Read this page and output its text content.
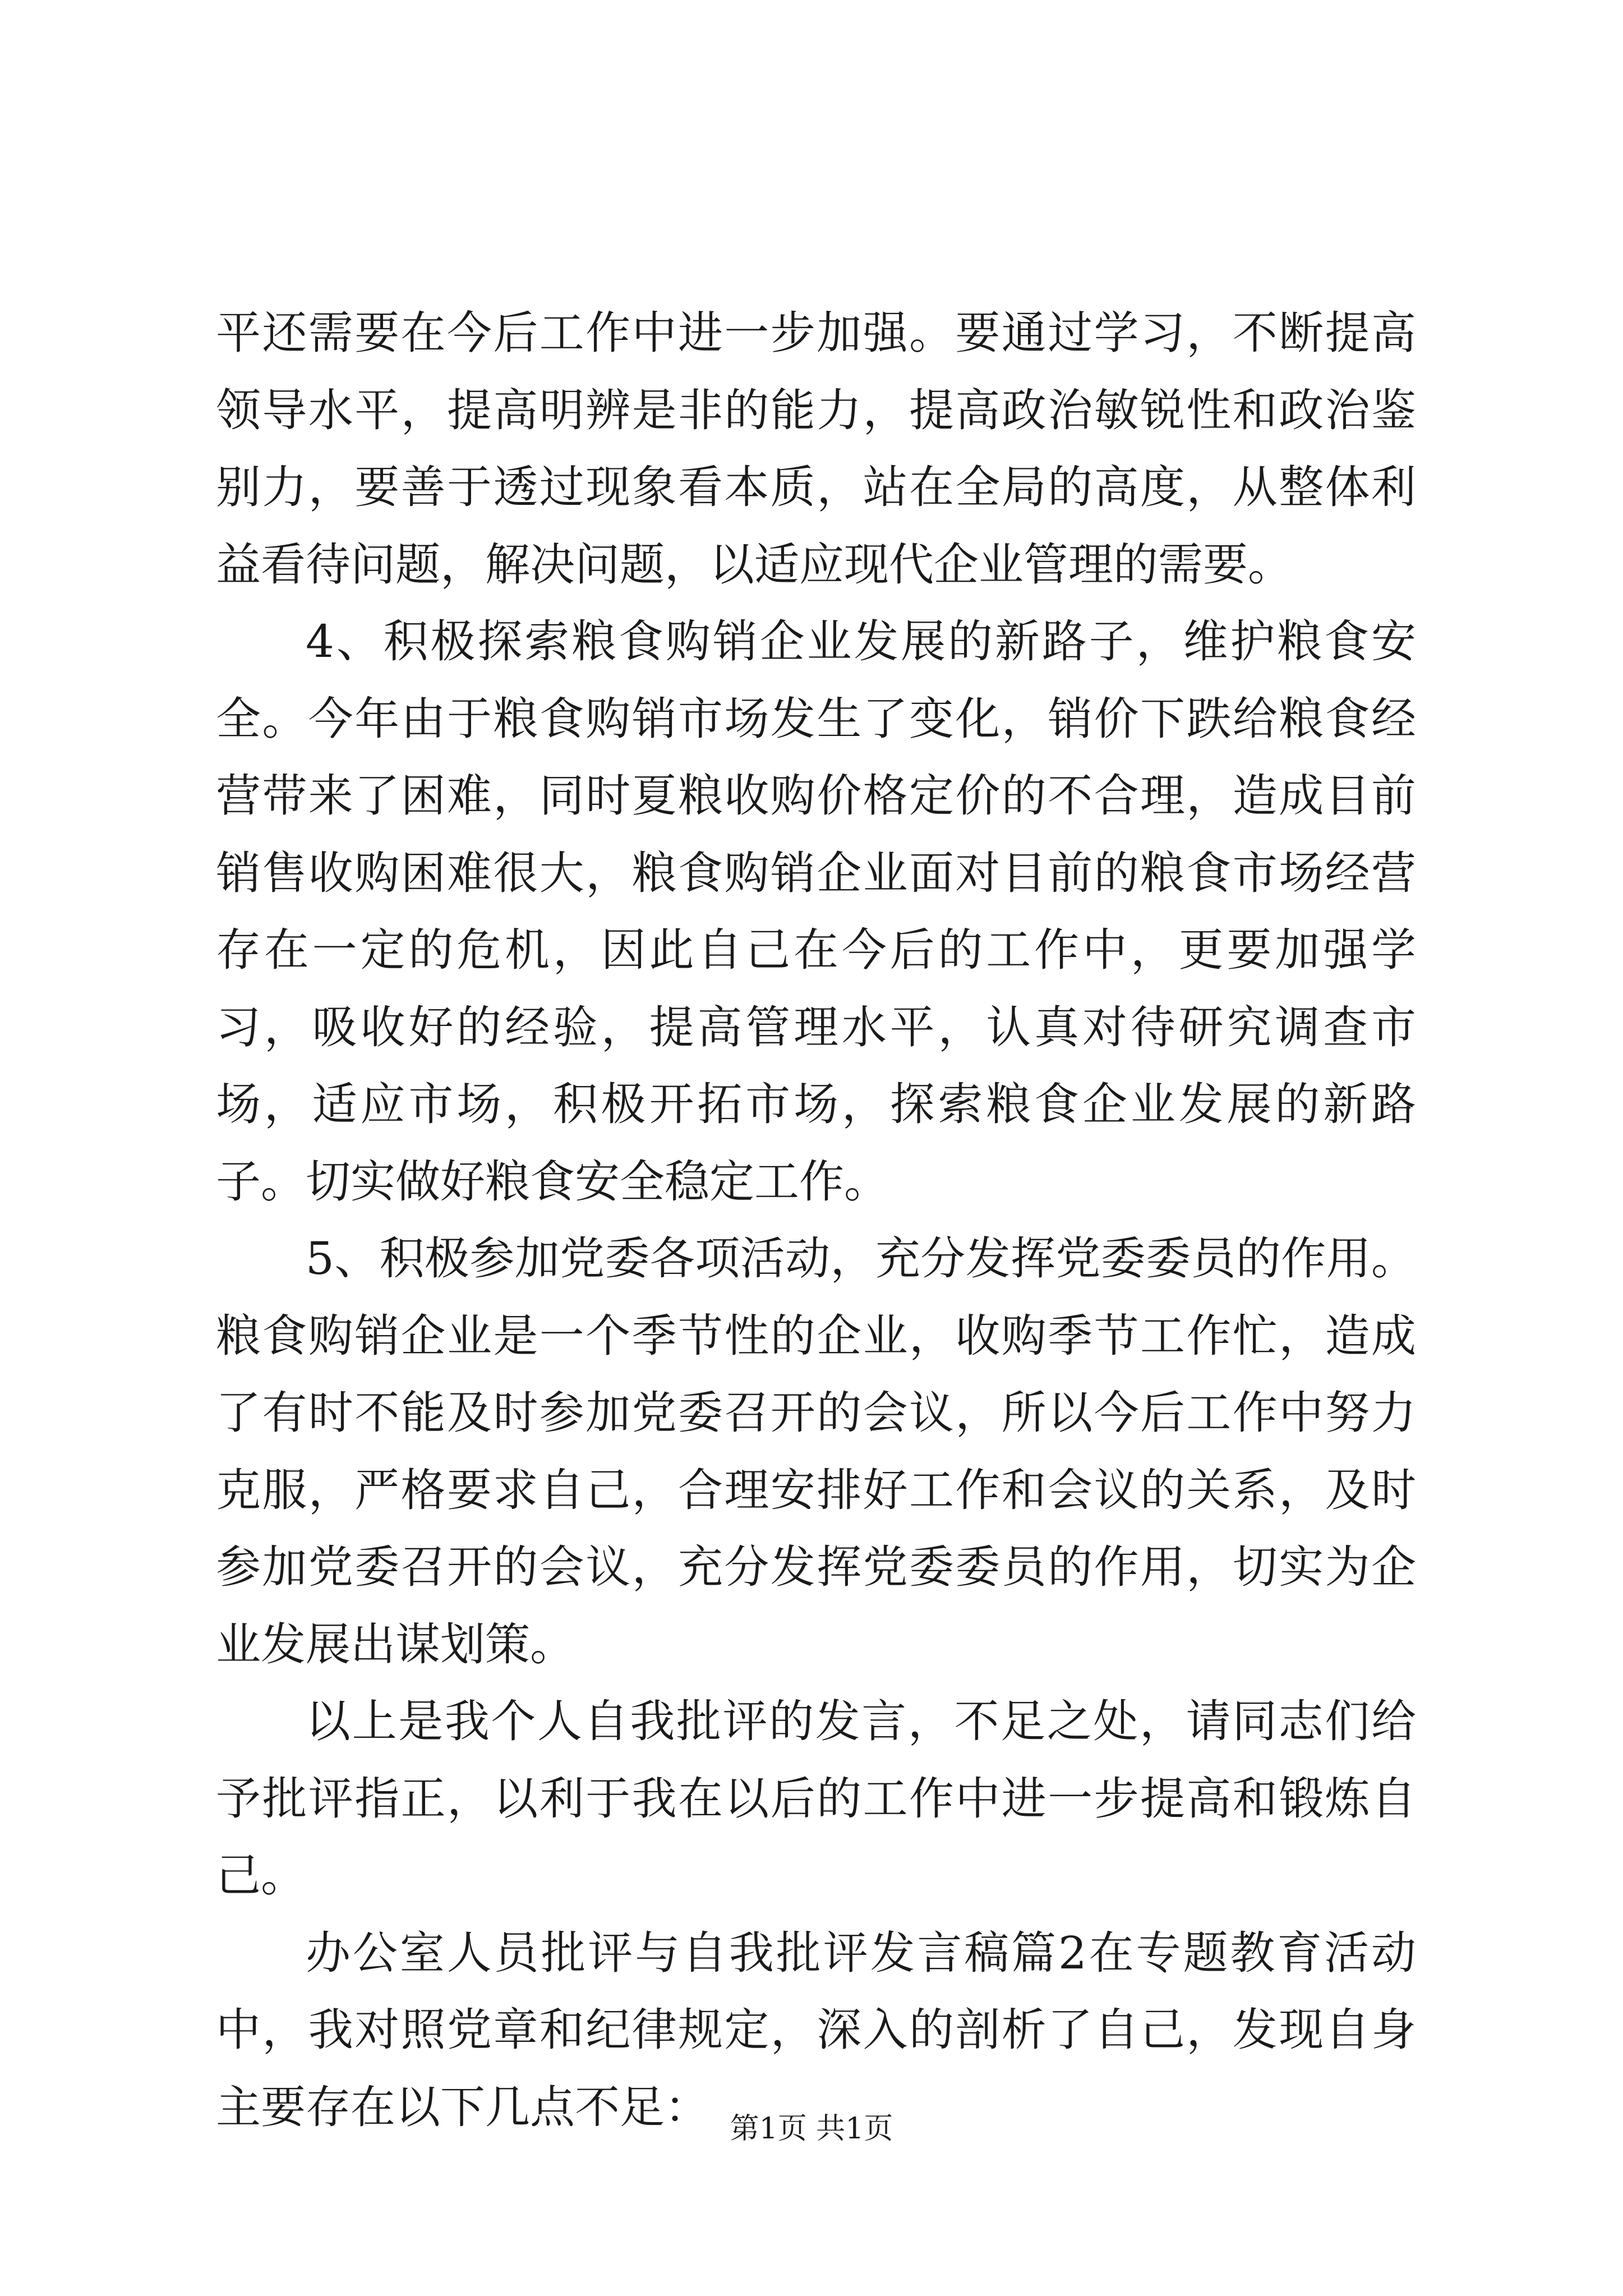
平还需要在今后工作中进一步加强。要通过学习，不断提高领导水平，提高明辨是非的能力，提高政治敏锐性和政治鉴别力，要善于透过现象看本质，站在全局的高度，从整体利益看待问题，解决问题，以适应现代企业管理的需要。

4、积极探索粮食购销企业发展的新路子，维护粮食安全。今年由于粮食购销市场发生了变化，销价下跌给粮食经营带来了困难，同时夏粮收购价格定价的不合理，造成目前销售收购困难很大，粮食购销企业面对目前的粮食市场经营存在一定的危机，因此自己在今后的工作中，更要加强学习，吸收好的经验，提高管理水平，认真对待研究调查市场，适应市场，积极开拓市场，探索粮食企业发展的新路子。切实做好粮食安全稳定工作。

5、积极参加党委各项活动，充分发挥党委委员的作用。粮食购销企业是一个季节性的企业，收购季节工作忙，造成了有时不能及时参加党委召开的会议，所以今后工作中努力克服，严格要求自己，合理安排好工作和会议的关系，及时参加党委召开的会议，充分发挥党委委员的作用，切实为企业发展出谋划策。

以上是我个人自我批评的发言，不足之处，请同志们给予批评指正，以利于我在以后的工作中进一步提高和锻炼自己。

办公室人员批评与自我批评发言稿篇2在专题教育活动中，我对照党章和纪律规定，深入的剖析了自己，发现自身主要存在以下几点不足： 第1页 共1页
